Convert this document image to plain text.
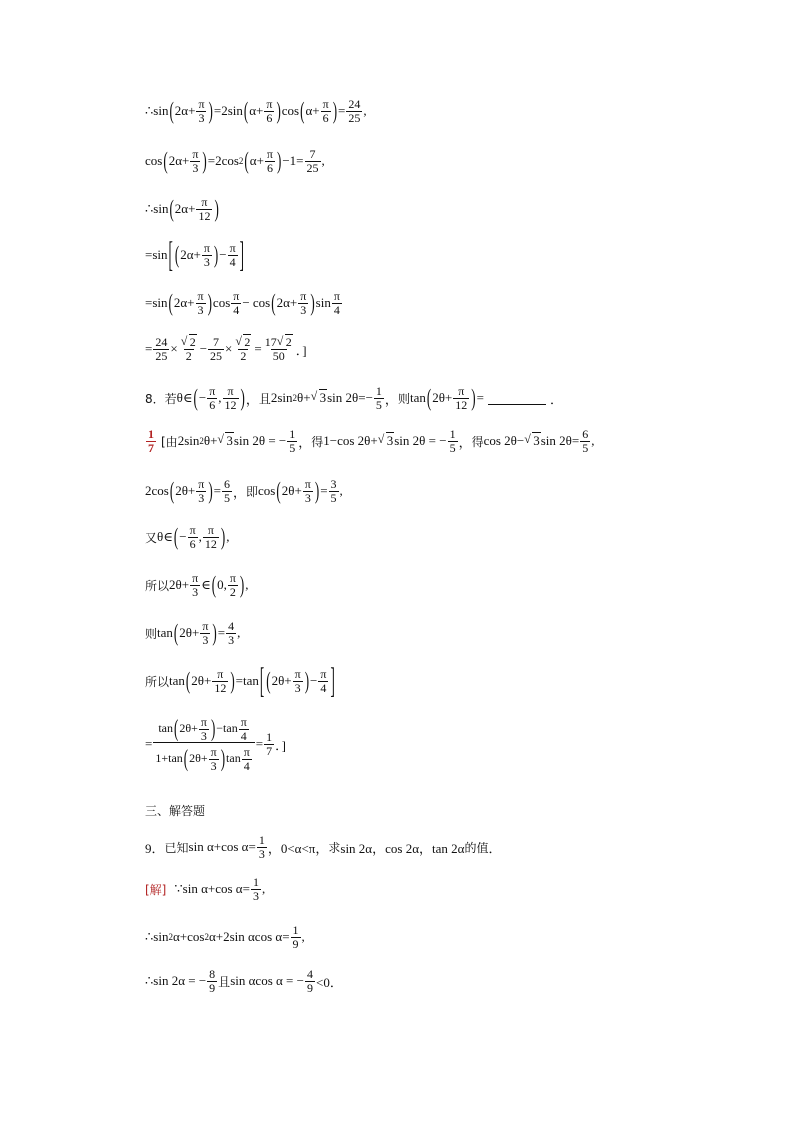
∴sin ( $2\alpha+ \frac{\pi}{3}$ ) =2sin ( $\alpha+ \frac{\pi}{6}$ ) cos ( $\alpha+ \frac{\pi}{6}$ ) = $\frac{24}{25}$ ,
cos ( $2\alpha+ \frac{\pi}{3}$ ) =2cos 2 ( $\alpha+ \frac{\pi}{6}$ ) $-1= \frac{7}{25}$ ,
∴sin ( $2\alpha+ \frac{\pi}{12}$ )
=sin [ ( $2\alpha+ \frac{\pi}{3}$ ) − $\frac{\pi}{4}$ ]
=sin ( $2\alpha+ \frac{\pi}{3}$ ) $\cos \frac{\pi}{4} - \cos$ ( $2\alpha+ \frac{\pi}{3}$ ) $\sin \frac{\pi}{4}$
= $\frac{24}{25}$ × √ $\frac{2}{2} - \frac{7}{25}$ × √ $\frac{2}{2} = \frac{17 √ 2}{50}$ ．]
8．若 θ∈ ( − $\frac{\pi}{6}$ , $\frac{\pi}{12}$ ) ， 且 2sin 2 θ+ √ 3 $\sin 2\theta=- \frac{1}{5}$ ， 则 tan ( $2\theta+ \frac{\pi}{12}$ ) =	．
$\frac{1}{7}$ [由 2sin 2 θ+ √ 3 sin 2θ = − $\frac{1}{5}$ ， 得 1−cos 2θ+ √ 3 sin 2θ = − $\frac{1}{5}$ ， 得 cos 2θ− √ 3 $\sin 2\theta= \frac{6}{5}$ ,
2cos ( $2\theta+ \frac{\pi}{3}$ ) = $\frac{6}{5}$ ， 即 cos ( $2\theta+ \frac{\pi}{3}$ ) = $\frac{3}{5}$ ,
又 θ∈ ( − $\frac{\pi}{6}$ , $\frac{\pi}{12}$ ) ,
所以 $2\theta+ \frac{\pi}{3}$ ∈ ( 0, $\frac{\pi}{2}$ ) ,
则 tan ( $2\theta+ \frac{\pi}{3}$ ) = $\frac{4}{3}$ ,
所以 tan ( $2\theta+ \frac{\pi}{12}$ ) =tan [ ( $2\theta+ \frac{\pi}{3}$ ) − $\frac{\pi}{4}$ ]
= $\frac{\tan(2\theta+ \frac{\pi}{3} )-\tan \frac{\pi}{4}}{1+\tan(2\theta+ \frac{\pi}{3} )\tan \frac{\pi}{4}} = \frac{1}{7}$ ．]
三、解答题
9． 已知 sin α+cos $\alpha= \frac{1}{3}$ ，0<α<π， 求 sin 2α，cos 2α，tan 2α 的值 ．
[解] ∵sin α+cos $\alpha= \frac{1}{3}$ ,
∴sin 2 α+cos 2 α+2sin αcos $\alpha= \frac{1}{9}$ ,
∴sin 2α = − $\frac{8}{9}$ 且 sin αcos α = − $\frac{4}{9} <0$．
